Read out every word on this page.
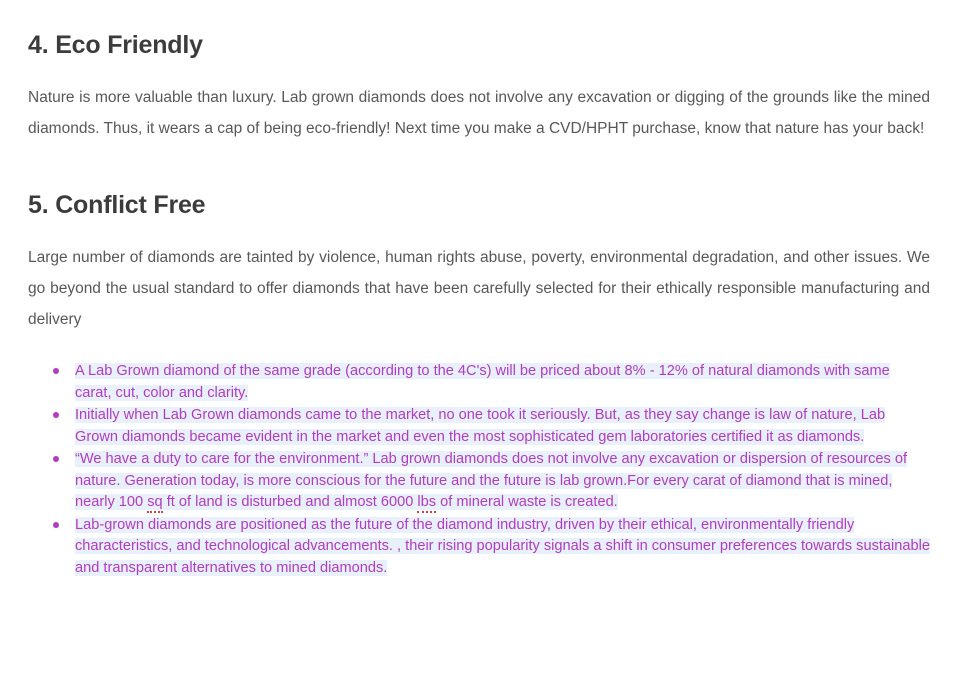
4. Eco Friendly

Nature is more valuable than luxury. Lab grown diamonds does not involve any excavation or digging of the grounds like the mined diamonds. Thus, it wears a cap of being eco-friendly! Next time you make a CVD/HPHT purchase, know that nature has your back!

5. Conflict Free

Large number of diamonds are tainted by violence, human rights abuse, poverty, environmental degradation, and other issues. We go beyond the usual standard to offer diamonds that have been carefully selected for their ethically responsible manufacturing and delivery

A Lab Grown diamond of the same grade (according to the 4C's) will be priced about 8% - 12% of natural diamonds with same carat, cut, color and clarity.
Initially when Lab Grown diamonds came to the market, no one took it seriously. But, as they say change is law of nature, Lab Grown diamonds became evident in the market and even the most sophisticated gem laboratories certified it as diamonds.
“We have a duty to care for the environment.” Lab grown diamonds does not involve any excavation or dispersion of resources of nature. Generation today, is more conscious for the future and the future is lab grown.For every carat of diamond that is mined, nearly 100 sq ft of land is disturbed and almost 6000 lbs of mineral waste is created.
Lab-grown diamonds are positioned as the future of the diamond industry, driven by their ethical, environmentally friendly characteristics, and technological advancements. , their rising popularity signals a shift in consumer preferences towards sustainable and transparent alternatives to mined diamonds.
